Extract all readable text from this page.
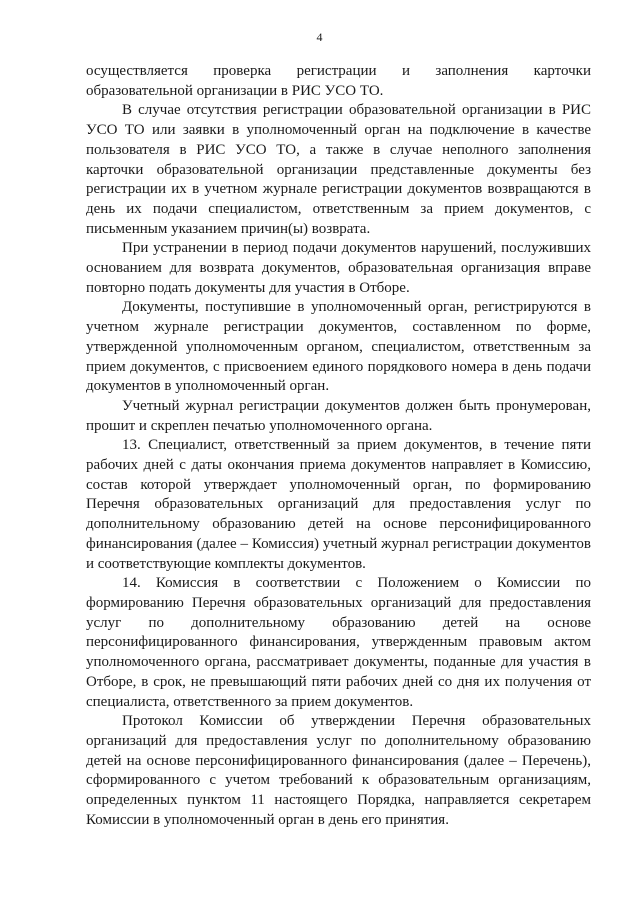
4

осуществляется проверка регистрации и заполнения карточки образовательной организации в РИС УСО ТО.

В случае отсутствия регистрации образовательной организации в РИС УСО ТО или заявки в уполномоченный орган на подключение в качестве пользователя в РИС УСО ТО, а также в случае неполного заполнения карточки образовательной организации представленные документы без регистрации их в учетном журнале регистрации документов возвращаются в день их подачи специалистом, ответственным за прием документов, с письменным указанием причин(ы) возврата.

При устранении в период подачи документов нарушений, послуживших основанием для возврата документов, образовательная организация вправе повторно подать документы для участия в Отборе.

Документы, поступившие в уполномоченный орган, регистрируются в учетном журнале регистрации документов, составленном по форме, утвержденной уполномоченным органом, специалистом, ответственным за прием документов, с присвоением единого порядкового номера в день подачи документов в уполномоченный орган.

Учетный журнал регистрации документов должен быть пронумерован, прошит и скреплен печатью уполномоченного органа.

13. Специалист, ответственный за прием документов, в течение пяти рабочих дней с даты окончания приема документов направляет в Комиссию, состав которой утверждает уполномоченный орган, по формированию Перечня образовательных организаций для предоставления услуг по дополнительному образованию детей на основе персонифицированного финансирования (далее – Комиссия) учетный журнал регистрации документов и соответствующие комплекты документов.

14. Комиссия в соответствии с Положением о Комиссии по формированию Перечня образовательных организаций для предоставления услуг по дополнительному образованию детей на основе персонифицированного финансирования, утвержденным правовым актом уполномоченного органа, рассматривает документы, поданные для участия в Отборе, в срок, не превышающий пяти рабочих дней со дня их получения от специалиста, ответственного за прием документов.

Протокол Комиссии об утверждении Перечня образовательных организаций для предоставления услуг по дополнительному образованию детей на основе персонифицированного финансирования (далее – Перечень), сформированного с учетом требований к образовательным организациям, определенных пунктом 11 настоящего Порядка, направляется секретарем Комиссии в уполномоченный орган в день его принятия.
